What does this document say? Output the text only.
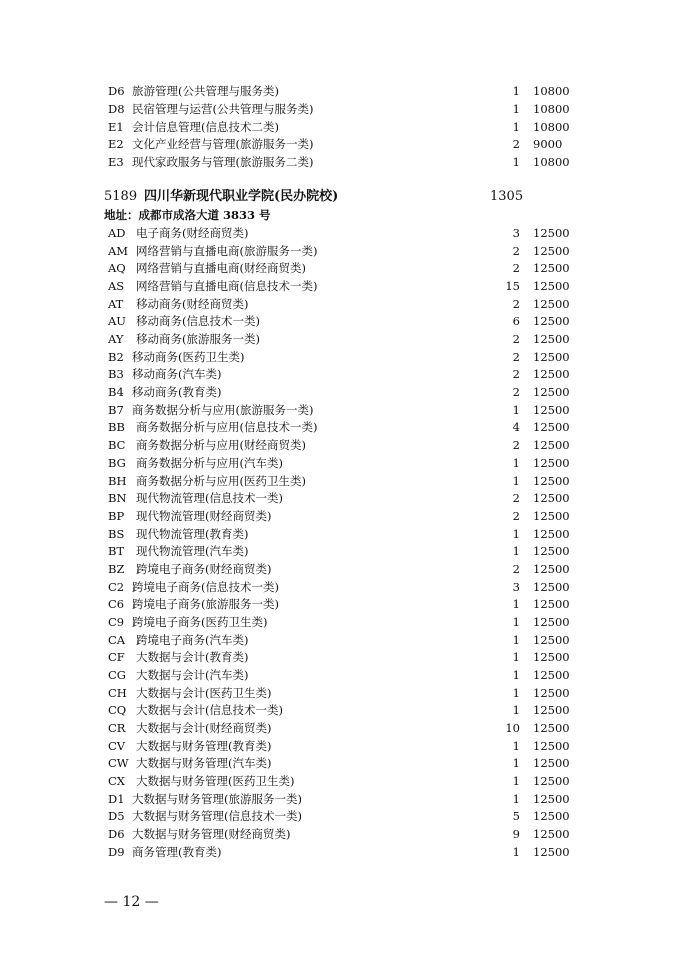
D6 旅游管理(公共管理与服务类)	1 10800
D8 民宿管理与运营(公共管理与服务类)	1 10800
E1 会计信息管理(信息技术二类)	1 10800
E2 文化产业经营与管理(旅游服务一类)	2 9000
E3 现代家政服务与管理(旅游服务二类)	1 10800
5189 四川华新现代职业学院(民办院校)	1305
地址：成都市成洛大道 3833 号
AD 电子商务(财经商贸类)	3 12500
AM 网络营销与直播电商(旅游服务一类)	2 12500
AQ 网络营销与直播电商(财经商贸类)	2 12500
AS 网络营销与直播电商(信息技术一类)	15 12500
AT 移动商务(财经商贸类)	2 12500
AU 移动商务(信息技术一类)	6 12500
AY 移动商务(旅游服务一类)	2 12500
B2 移动商务(医药卫生类)	2 12500
B3 移动商务(汽车类)	2 12500
B4 移动商务(教育类)	2 12500
B7 商务数据分析与应用(旅游服务一类)	1 12500
BB 商务数据分析与应用(信息技术一类)	4 12500
BC 商务数据分析与应用(财经商贸类)	2 12500
BG 商务数据分析与应用(汽车类)	1 12500
BH 商务数据分析与应用(医药卫生类)	1 12500
BN 现代物流管理(信息技术一类)	2 12500
BP 现代物流管理(财经商贸类)	2 12500
BS 现代物流管理(教育类)	1 12500
BT 现代物流管理(汽车类)	1 12500
BZ 跨境电子商务(财经商贸类)	2 12500
C2 跨境电子商务(信息技术一类)	3 12500
C6 跨境电子商务(旅游服务一类)	1 12500
C9 跨境电子商务(医药卫生类)	1 12500
CA 跨境电子商务(汽车类)	1 12500
CF 大数据与会计(教育类)	1 12500
CG 大数据与会计(汽车类)	1 12500
CH 大数据与会计(医药卫生类)	1 12500
CQ 大数据与会计(信息技术一类)	1 12500
CR 大数据与会计(财经商贸类)	10 12500
CV 大数据与财务管理(教育类)	1 12500
CW 大数据与财务管理(汽车类)	1 12500
CX 大数据与财务管理(医药卫生类)	1 12500
D1 大数据与财务管理(旅游服务一类)	1 12500
D5 大数据与财务管理(信息技术一类)	5 12500
D6 大数据与财务管理(财经商贸类)	9 12500
D9 商务管理(教育类)	1 12500
— 12 —
